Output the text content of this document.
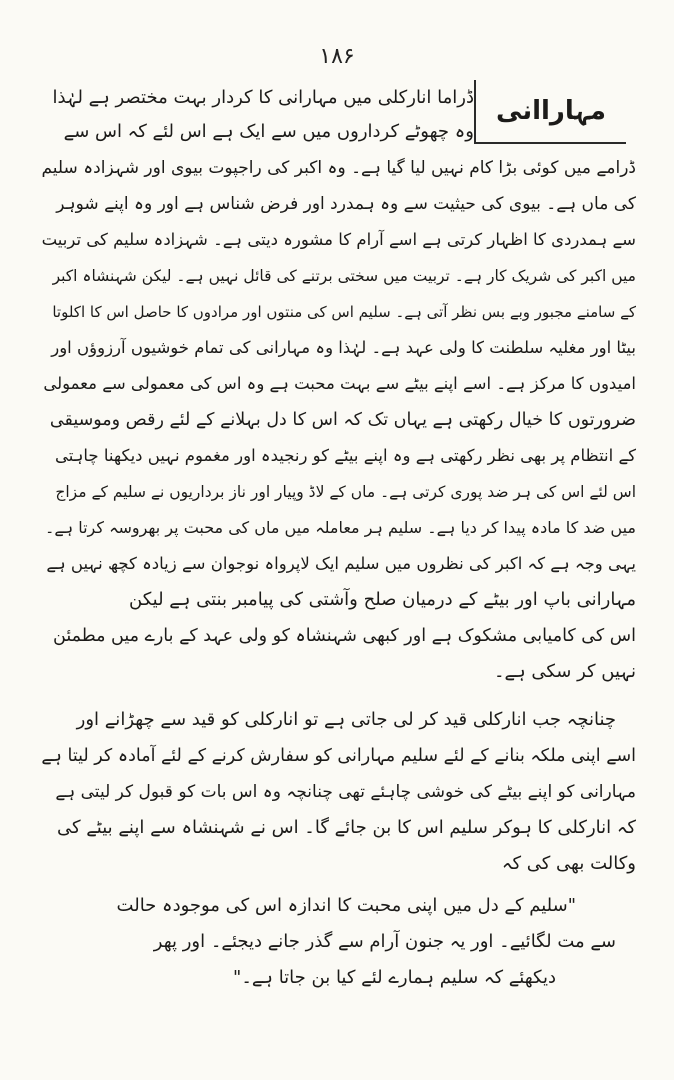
۱۸۶
مہاراانی
ڈراما انارکلی میں مہارانی کا کردار بہت مختصر ہے لہٰذا
وہ چھوٹے کرداروں میں سے ایک ہے اس لئے کہ اس سے
ڈرامے میں کوئی بڑا کام نہیں لیا گیا ہے۔ وہ اکبر کی راجپوت بیوی اور شہزادہ سلیم
کی ماں ہے۔ بیوی کی حیثیت سے وہ ہمدرد اور فرض شناس ہے اور وہ اپنے شوہر
سے ہمدردی کا اظہار کرتی ہے اسے آرام کا مشورہ دیتی ہے۔ شہزادہ سلیم کی تربیت
میں اکبر کی شریک کار ہے۔ تربیت میں سختی برتنے کی قائل نہیں ہے۔ لیکن شہنشاہ اکبر
کے سامنے مجبور وبے بس نظر آتی ہے۔ سلیم اس کی منتوں اور مرادوں کا حاصل اس کا اکلوتا
بیٹا اور مغلیہ سلطنت کا ولی عہد ہے۔ لہٰذا وہ مہارانی کی تمام خوشیوں آرزوؤں اور
امیدوں کا مرکز ہے۔ اسے اپنے بیٹے سے بہت محبت ہے وہ اس کی معمولی سے معمولی
ضرورتوں کا خیال رکھتی ہے یہاں تک کہ اس کا دل بہلانے کے لئے رقص وموسیقی
کے انتظام پر بھی نظر رکھتی ہے وہ اپنے بیٹے کو رنجیدہ اور مغموم نہیں دیکھنا چاہتی
اس لئے اس کی ہر ضد پوری کرتی ہے۔ ماں کے لاڈ وپیار اور ناز برداریوں نے سلیم کے مزاج
میں ضد کا مادہ پیدا کر دیا ہے۔ سلیم ہر معاملہ میں ماں کی محبت پر بھروسہ کرتا ہے۔
یہی وجہ ہے کہ اکبر کی نظروں میں سلیم ایک لاپرواہ نوجوان سے زیادہ کچھ نہیں ہے
مہارانی باپ اور بیٹے کے درمیان صلح وآشتی کی پیامبر بنتی ہے لیکن
اس کی کامیابی مشکوک ہے اور کبھی شہنشاہ کو ولی عہد کے بارے میں مطمئن
نہیں کر سکی ہے۔
چنانچہ جب انارکلی قید کر لی جاتی ہے تو انارکلی کو قید سے چھڑانے اور
اسے اپنی ملکہ بنانے کے لئے سلیم مہارانی کو سفارش کرنے کے لئے آمادہ کر لیتا ہے
مہارانی کو اپنے بیٹے کی خوشی چاہئے تھی چنانچہ وہ اس بات کو قبول کر لیتی ہے
کہ انارکلی کا ہوکر سلیم اس کا بن جائے گا۔ اس نے شہنشاہ سے اپنے بیٹے کی
وکالت بھی کی کہ
"سلیم کے دل میں اپنی محبت کا اندازہ اس کی موجودہ حالت
سے مت لگائیے۔ اور یہ جنون آرام سے گذر جانے دیجئے۔ اور پھر
دیکھئے کہ سلیم ہمارے لئے کیا بن جاتا ہے۔"
